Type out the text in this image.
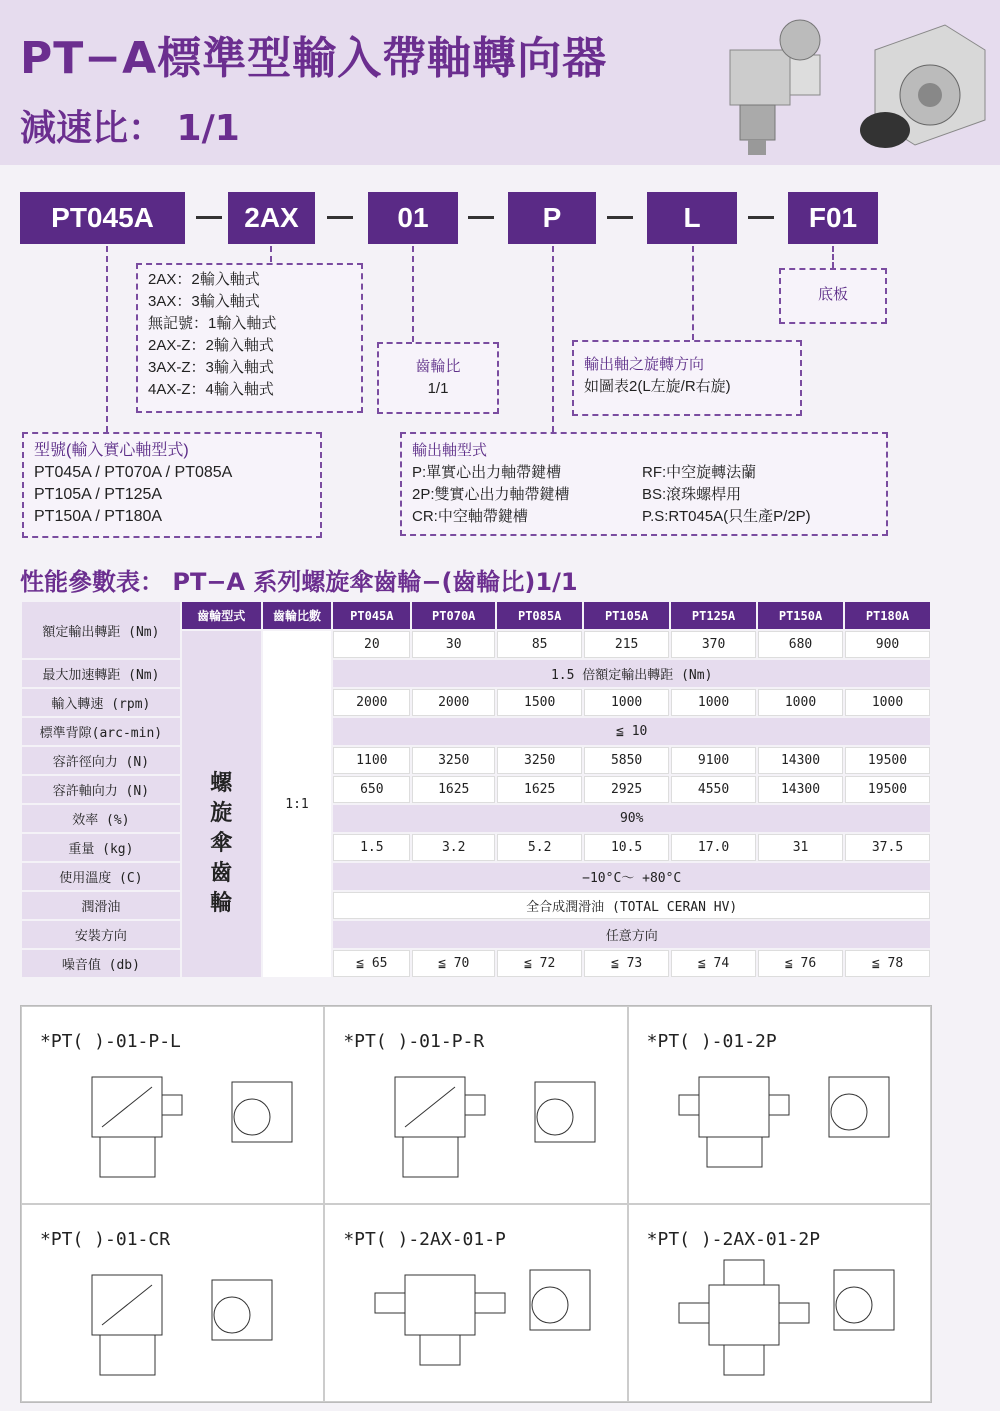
PT−A標準型輸入帶軸轉向器
減速比： 1/1
PT045A	2AX	01	P	L	F01
2AX：2輸入軸式
3AX：3輸入軸式
無記號：1輸入軸式
2AX-Z：2輸入軸式
3AX-Z：3輸入軸式
4AX-Z：4輸入軸式
齒輪比
1/1
底板
輸出軸之旋轉方向
如圖表2(L左旋/R右旋)
型號(輸入實心軸型式)
PT045A / PT070A / PT085A
PT105A / PT125A
PT150A / PT180A
輸出軸型式
P:單實心出力軸帶鍵槽
2P:雙實心出力軸帶鍵槽
CR:中空軸帶鍵槽
RF:中空旋轉法蘭
BS:滾珠螺桿用
P.S:RT045A(只生產P/2P)
性能參數表： PT−A 系列螺旋傘齒輪−(齒輪比)1/1
額定輸出轉距 (Nm)	齒輪型式	齒輪比數	PT045A	PT070A	PT085A	PT105A	PT125A	PT150A	PT180A
	螺旋傘齒輪	1:1	20	30	85	215	370	680	900
最大加速轉距 (Nm)			1.5 倍額定輸出轉距 (Nm)						
輸入轉速 (rpm)			2000	2000	1500	1000	1000	1000	1000
標準背隙(arc-min)			≦ 10						
容許徑向力 (N)			1100	3250	3250	5850	9100	14300	19500
容許軸向力 (N)			650	1625	1625	2925	4550	14300	19500
效率 (%)			90%						
重量 (kg)			1.5	3.2	5.2	10.5	17.0	31	37.5
使用溫度 (C)			−10°C～ +80°C						
潤滑油			全合成潤滑油 (TOTAL CERAN HV)						
安裝方向			任意方向						
噪音值 (db)			≦ 65	≦ 70	≦ 72	≦ 73	≦ 74	≦ 76	≦ 78
*PT( )-01-P-L	*PT( )-01-P-R	*PT( )-01-2P
*PT( )-01-CR	*PT( )-2AX-01-P	*PT( )-2AX-01-2P
